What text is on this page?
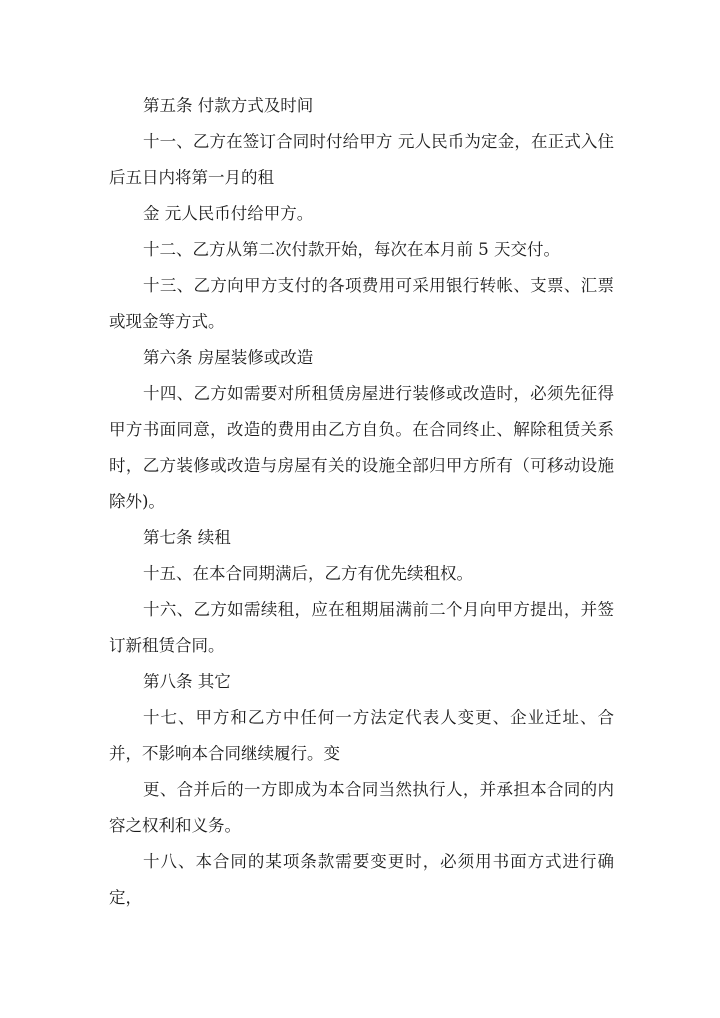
第五条 付款方式及时间

十一、乙方在签订合同时付给甲方 元人民币为定金，在正式入住后五日内将第一月的租

金 元人民币付给甲方。

十二、乙方从第二次付款开始，每次在本月前 5 天交付。

十三、乙方向甲方支付的各项费用可采用银行转帐、支票、汇票或现金等方式。

第六条 房屋装修或改造

十四、乙方如需要对所租赁房屋进行装修或改造时，必须先征得甲方书面同意，改造的费用由乙方自负。在合同终止、解除租赁关系时，乙方装修或改造与房屋有关的设施全部归甲方所有（可移动设施除外)。

第七条 续租

十五、在本合同期满后，乙方有优先续租权。

十六、乙方如需续租，应在租期届满前二个月向甲方提出，并签订新租赁合同。

第八条 其它

十七、甲方和乙方中任何一方法定代表人变更、企业迁址、合并，不影响本合同继续履行。变

更、合并后的一方即成为本合同当然执行人，并承担本合同的内容之权利和义务。

十八、本合同的某项条款需要变更时，必须用书面方式进行确定，
